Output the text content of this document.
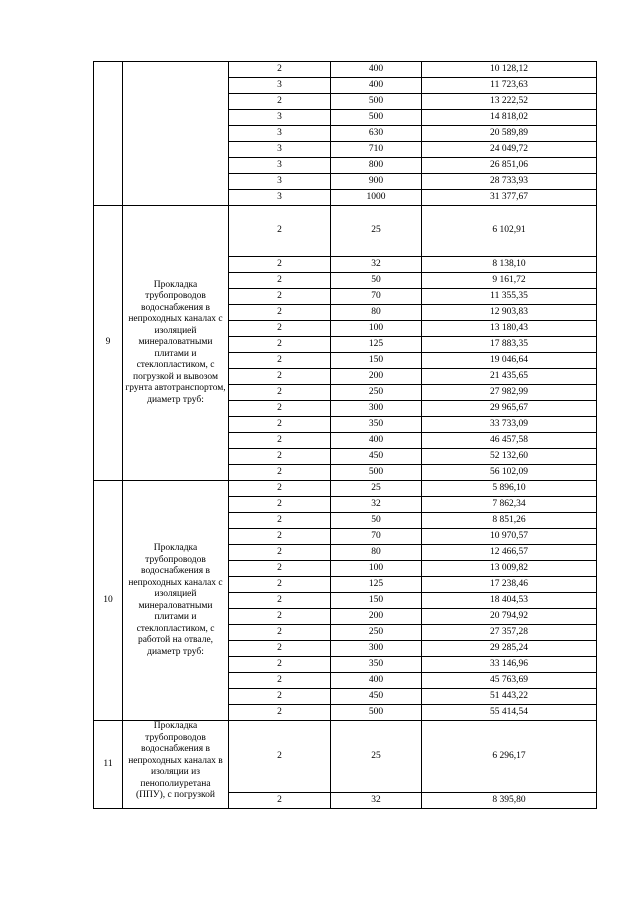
		2	400	10 128,12
		3	400	11 723,63
		2	500	13 222,52
		3	500	14 818,02
		3	630	20 589,89
		3	710	24 049,72
		3	800	26 851,06
		3	900	28 733,93
		3	1000	31 377,67
9	Прокладка трубопроводов водоснабжения в непроходных каналах с изоляцией минераловатными плитами и стеклопластиком, с погрузкой и вывозом грунта автотранспортом, диаметр труб:	2	25	6 102,91
		2	32	8 138,10
		2	50	9 161,72
		2	70	11 355,35
		2	80	12 903,83
		2	100	13 180,43
		2	125	17 883,35
		2	150	19 046,64
		2	200	21 435,65
		2	250	27 982,99
		2	300	29 965,67
		2	350	33 733,09
		2	400	46 457,58
		2	450	52 132,60
		2	500	56 102,09
10	Прокладка трубопроводов водоснабжения в непроходных каналах с изоляцией минераловатными плитами и стеклопластиком, с работой на отвале, диаметр труб:	2	25	5 896,10
		2	32	7 862,34
		2	50	8 851,26
		2	70	10 970,57
		2	80	12 466,57
		2	100	13 009,82
		2	125	17 238,46
		2	150	18 404,53
		2	200	20 794,92
		2	250	27 357,28
		2	300	29 285,24
		2	350	33 146,96
		2	400	45 763,69
		2	450	51 443,22
		2	500	55 414,54
11	Прокладка трубопроводов водоснабжения в непроходных каналах в изоляции из пенополиуретана (ППУ), с погрузкой	2	25	6 296,17
		2	32	8 395,80
